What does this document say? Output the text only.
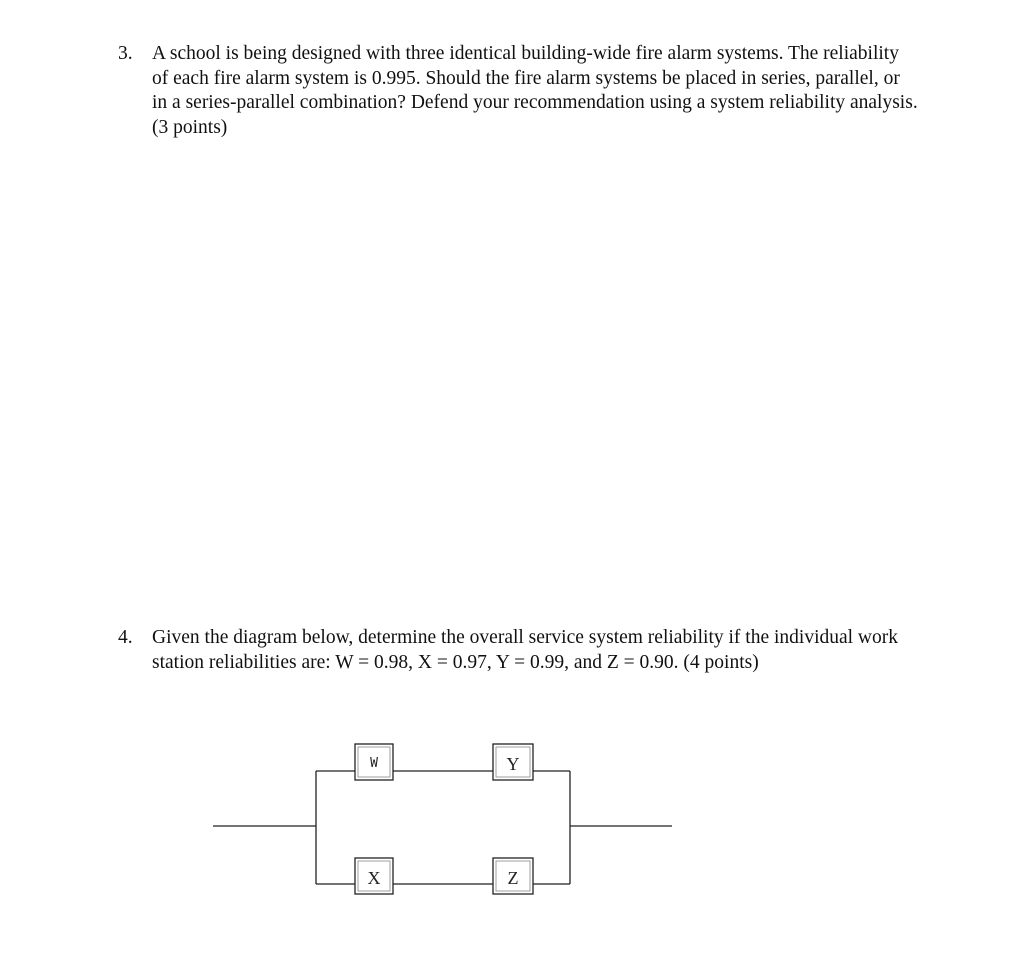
3. A school is being designed with three identical building-wide fire alarm systems. The reliability of each fire alarm system is 0.995. Should the fire alarm systems be placed in series, parallel, or in a series-parallel combination? Defend your recommendation using a system reliability analysis. (3 points)
4. Given the diagram below, determine the overall service system reliability if the individual work station reliabilities are: W = 0.98, X = 0.97, Y = 0.99, and Z = 0.90. (4 points)
W	Y
X	Z
